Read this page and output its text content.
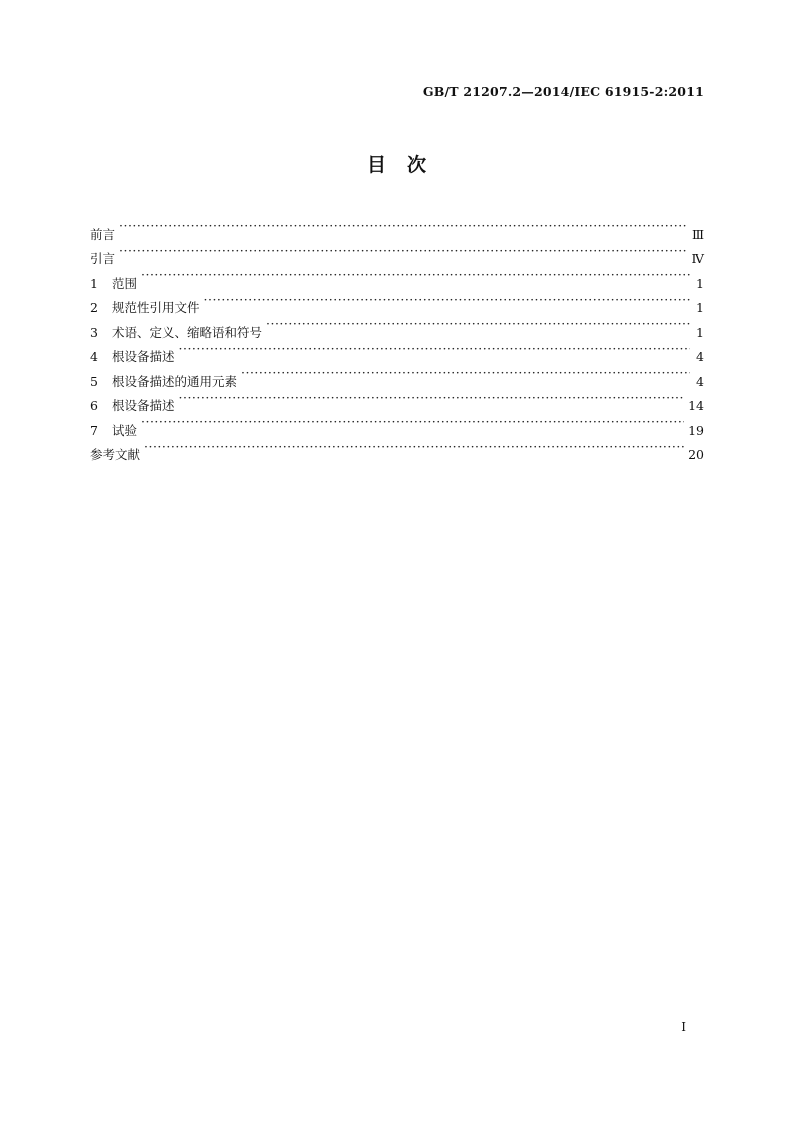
GB/T 21207.2—2014/IEC 61915-2:2011
目　次
前言 ·····	Ⅲ
引言 ·····	Ⅳ
1	范围 ·····	1
2	规范性引用文件 ·····	1
3	术语、定义、缩略语和符号 ·····	1
4	根设备描述 ·····	4
5	根设备描述的通用元素 ·····	4
6	根设备描述 ·····	14
7	试验 ·····	19
参考文献 ·····	20
Ⅰ
